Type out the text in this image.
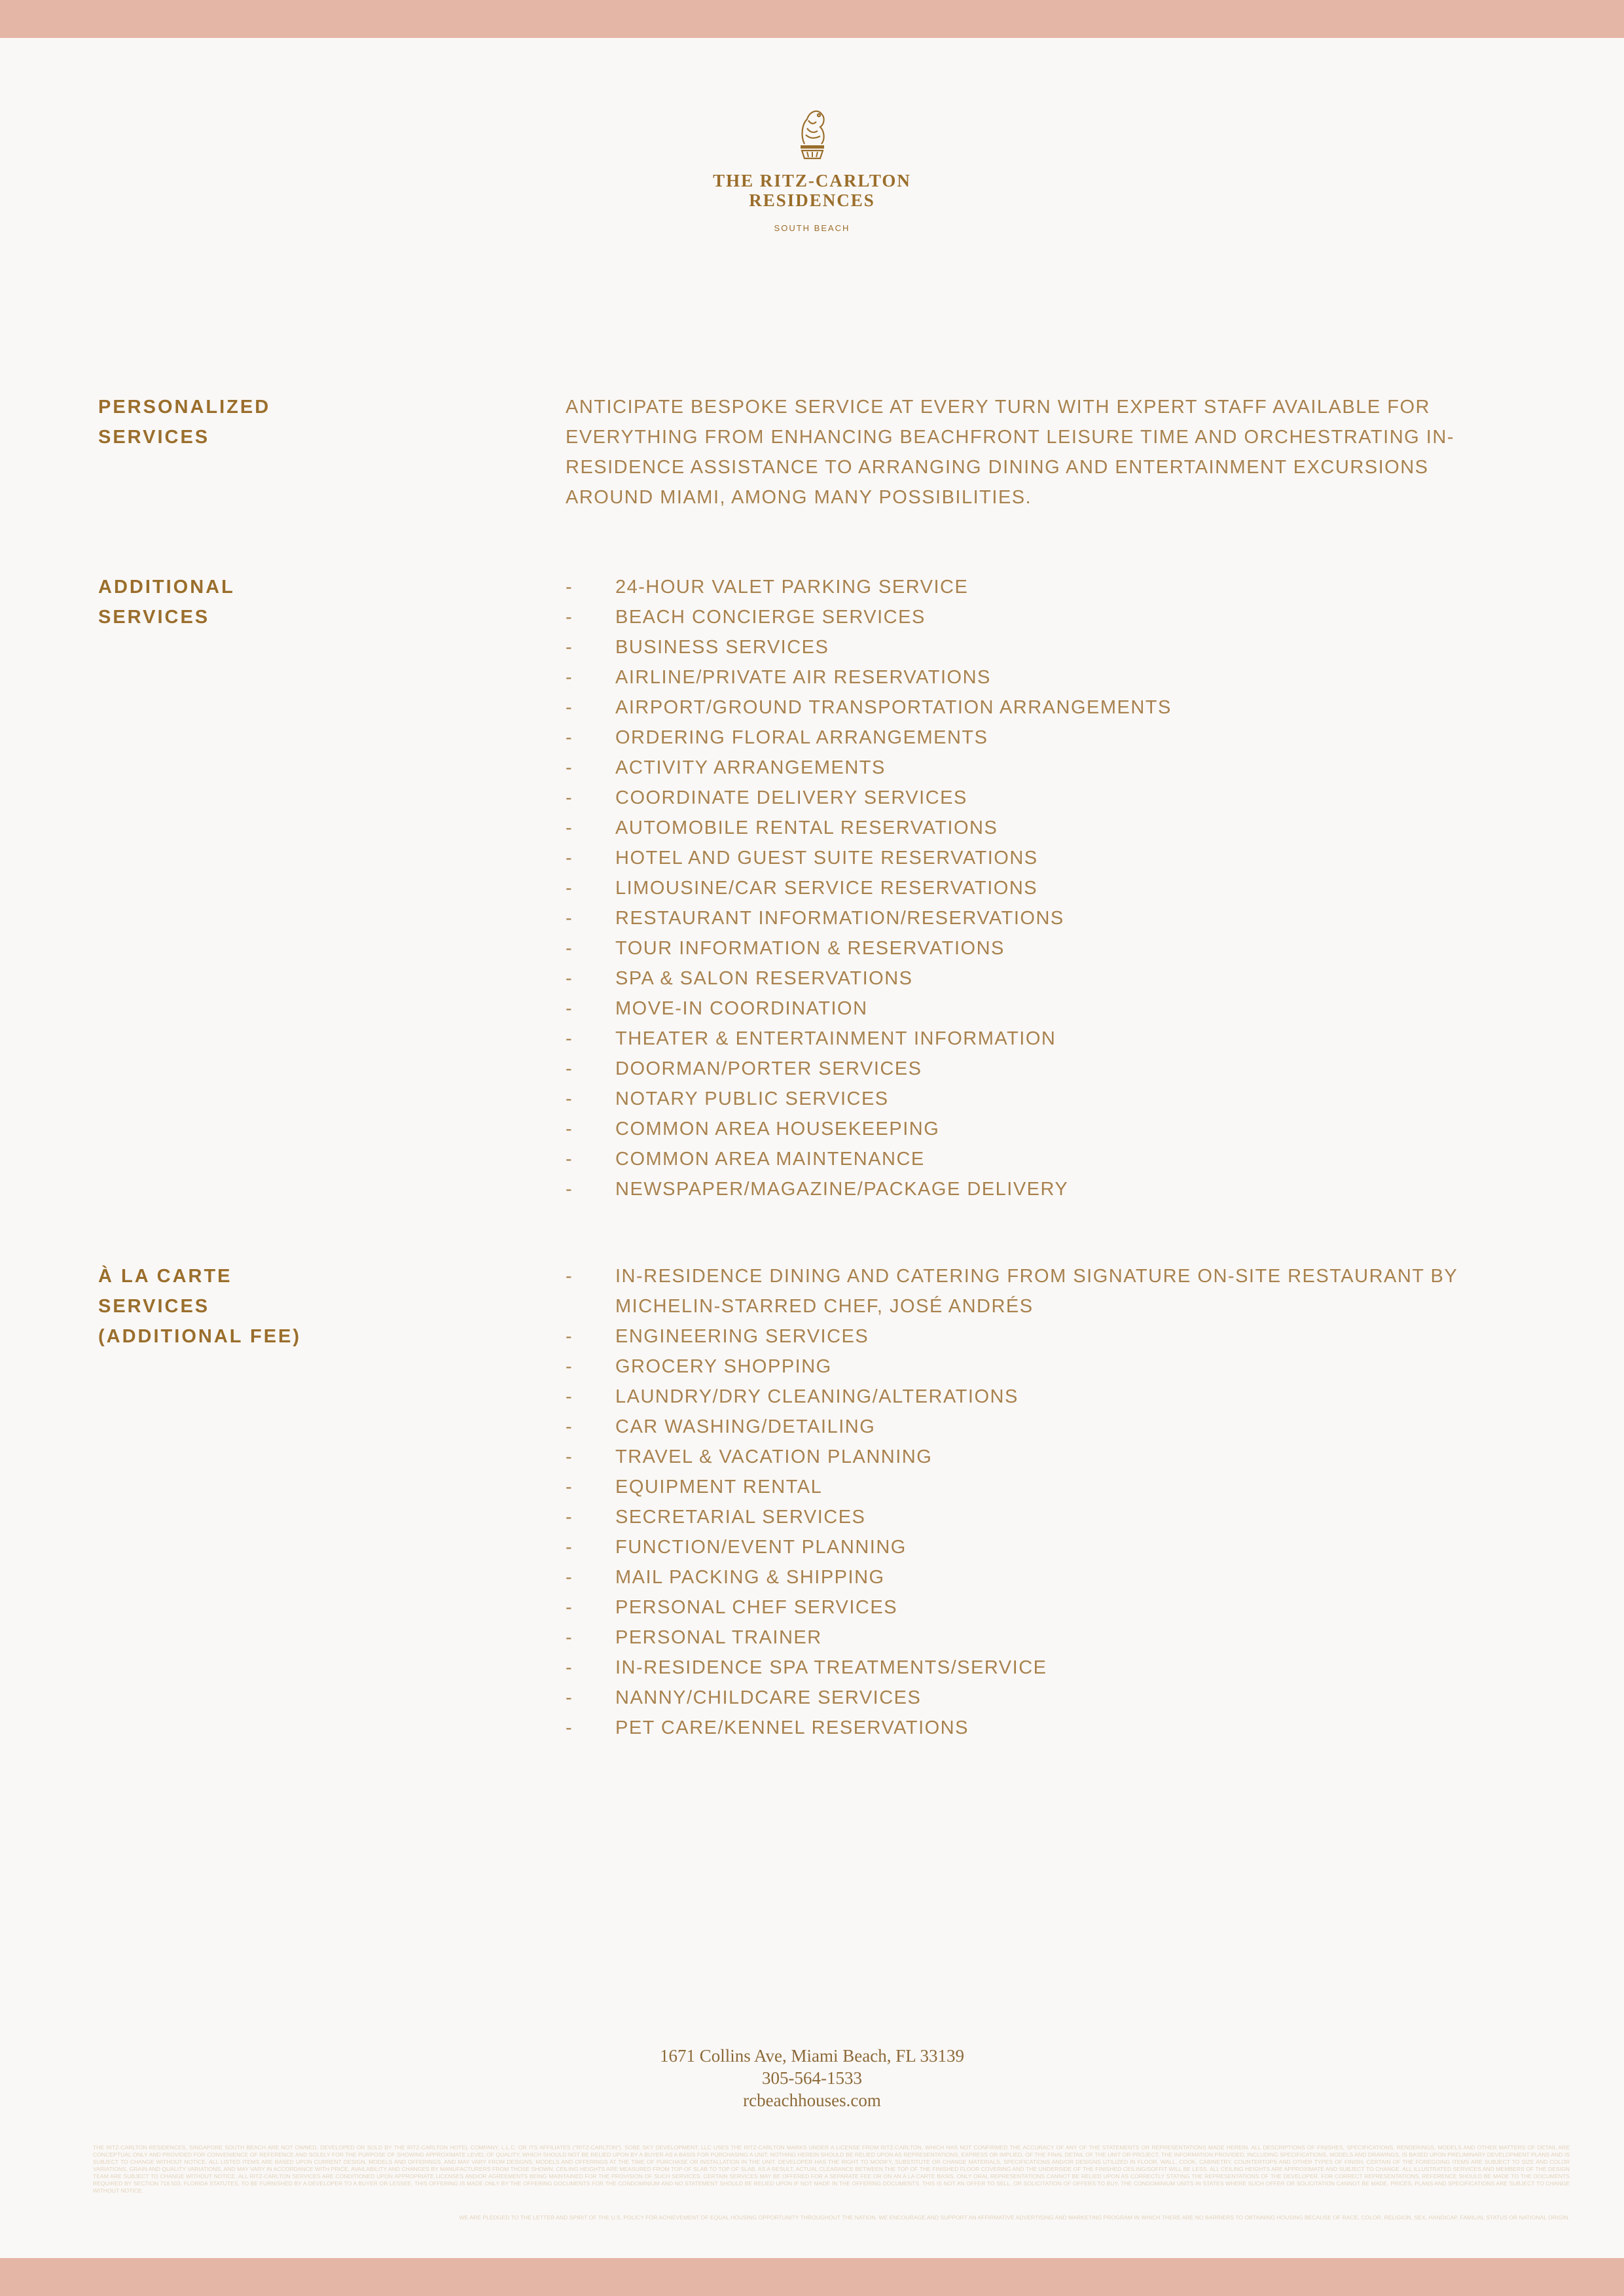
THE RITZ-CARLTON
RESIDENCES
SOUTH BEACH
PERSONALIZED
SERVICES
ANTICIPATE BESPOKE SERVICE AT EVERY TURN WITH EXPERT STAFF AVAILABLE FOR EVERYTHING FROM ENHANCING BEACHFRONT LEISURE TIME AND ORCHESTRATING IN-RESIDENCE ASSISTANCE TO ARRANGING DINING AND ENTERTAINMENT EXCURSIONS AROUND MIAMI, AMONG MANY POSSIBILITIES.
ADDITIONAL
SERVICES
-	24-HOUR VALET PARKING SERVICE
-	BEACH CONCIERGE SERVICES
-	BUSINESS SERVICES
-	AIRLINE/PRIVATE AIR RESERVATIONS
-	AIRPORT/GROUND TRANSPORTATION ARRANGEMENTS
-	ORDERING FLORAL ARRANGEMENTS
-	ACTIVITY ARRANGEMENTS
-	COORDINATE DELIVERY SERVICES
-	AUTOMOBILE RENTAL RESERVATIONS
-	HOTEL AND GUEST SUITE RESERVATIONS
-	LIMOUSINE/CAR SERVICE RESERVATIONS
-	RESTAURANT INFORMATION/RESERVATIONS
-	TOUR INFORMATION & RESERVATIONS
-	SPA & SALON RESERVATIONS
-	MOVE-IN COORDINATION
-	THEATER & ENTERTAINMENT INFORMATION
-	DOORMAN/PORTER SERVICES
-	NOTARY PUBLIC SERVICES
-	COMMON AREA HOUSEKEEPING
-	COMMON AREA MAINTENANCE
-	NEWSPAPER/MAGAZINE/PACKAGE DELIVERY
À LA CARTE
SERVICES
(ADDITIONAL FEE)
-	IN-RESIDENCE DINING AND CATERING FROM SIGNATURE ON-SITE RESTAURANT BY MICHELIN-STARRED CHEF, JOSÉ ANDRÉS
-	ENGINEERING SERVICES
-	GROCERY SHOPPING
-	LAUNDRY/DRY CLEANING/ALTERATIONS
-	CAR WASHING/DETAILING
-	TRAVEL & VACATION PLANNING
-	EQUIPMENT RENTAL
-	SECRETARIAL SERVICES
-	FUNCTION/EVENT PLANNING
-	MAIL PACKING & SHIPPING
-	PERSONAL CHEF SERVICES
-	PERSONAL TRAINER
-	IN-RESIDENCE SPA TREATMENTS/SERVICE
-	NANNY/CHILDCARE SERVICES
-	PET CARE/KENNEL RESERVATIONS
1671 Collins Ave, Miami Beach, FL 33139
305-564-1533
rcbeachhouses.com
THE RITZ-CARLTON RESIDENCES, SINGAPORE SOUTH BEACH ARE NOT OWNED, DEVELOPED OR SOLD BY THE RITZ-CARLTON HOTEL COMPANY, L.L.C. OR ITS AFFILIATES ("RITZ-CARLTON"). SOBE SKY DEVELOPMENT, LLC USES THE RITZ-CARLTON MARKS UNDER A LICENSE FROM RITZ-CARLTON, WHICH HAS NOT CONFIRMED THE ACCURACY OF ANY OF THE STATEMENTS OR REPRESENTATIONS MADE HEREIN. ALL DESCRIPTIONS OF FINISHES, SPECIFICATIONS, RENDERINGS, MODELS AND OTHER MATTERS OF DETAIL ARE CONCEPTUAL ONLY AND PROVIDED FOR CONVENIENCE OF REFERENCE AND SOLELY FOR THE PURPOSE OF SHOWING APPROXIMATE LEVEL OF QUALITY, WHICH SHOULD NOT BE RELIED UPON BY A BUYER AS A BASIS FOR PURCHASING A UNIT. NOTHING HEREIN SHOULD BE RELIED UPON AS REPRESENTATIONS, EXPRESS OR IMPLIED, OF THE FINAL DETAIL OF THE UNIT OR PROJECT. THE INFORMATION PROVIDED, INCLUDING SPECIFICATIONS, MODELS AND DRAWINGS, IS BASED UPON PRELIMINARY DEVELOPMENT PLANS AND IS SUBJECT TO CHANGE WITHOUT NOTICE. ALL LISTED ITEMS ARE BASED UPON CURRENT DESIGN, MODELS AND OFFERINGS, AND MAY VARY FROM DESIGNS, MODELS AND OFFERINGS AT THE TIME OF PURCHASE OR INSTALLATION IN THE UNIT. DEVELOPER HAS THE RIGHT TO MODIFY, SUBSTITUTE OR CHANGE MATERIALS, SPECIFICATIONS AND/OR DESIGNS UTILIZED IN FLOOR, WALL, COOK, CABINETRY, COUNTERTOPS AND OTHER TYPES OF FINISH. CERTAIN OF THE FOREGOING ITEMS ARE SUBJECT TO SIZE AND COLOR VARIATIONS, GRAIN AND QUALITY VARIATIONS, AND MAY VARY IN ACCORDANCE WITH PRICE, AVAILABILITY AND CHANGES BY MANUFACTURERS FROM THOSE SHOWN. CEILING HEIGHTS ARE MEASURED FROM TOP OF SLAB TO TOP OF SLAB. AS A RESULT, ACTUAL CLEARANCE BETWEEN THE TOP OF THE FINISHED FLOOR COVERING AND THE UNDERSIDE OF THE FINISHED CEILING/SOFFIT WILL BE LESS. ALL CEILING HEIGHTS ARE APPROXIMATE AND SUBJECT TO CHANGE. ALL ILLUSTRATED SERVICES AND MEMBERS OF THE DESIGN TEAM ARE SUBJECT TO CHANGE WITHOUT NOTICE. ALL RITZ-CARLTON SERVICES ARE CONDITIONED UPON APPROPRIATE LICENSES AND/OR AGREEMENTS BEING MAINTAINED FOR THE PROVISION OF SUCH SERVICES. CERTAIN SERVICES MAY BE OFFERED FOR A SEPARATE FEE OR ON AN A LA CARTE BASIS. ONLY ORAL REPRESENTATIONS CANNOT BE RELIED UPON AS CORRECTLY STATING THE REPRESENTATIONS OF THE DEVELOPER. FOR CORRECT REPRESENTATIONS, REFERENCE SHOULD BE MADE TO THE DOCUMENTS REQUIRED BY SECTION 718.503, FLORIDA STATUTES, TO BE FURNISHED BY A DEVELOPER TO A BUYER OR LESSEE. THIS OFFERING IS MADE ONLY BY THE OFFERING DOCUMENTS FOR THE CONDOMINIUM AND NO STATEMENT SHOULD BE RELIED UPON IF NOT MADE IN THE OFFERING DOCUMENTS. THIS IS NOT AN OFFER TO SELL, OR SOLICITATION OF OFFERS TO BUY, THE CONDOMINIUM UNITS IN STATES WHERE SUCH OFFER OR SOLICITATION CANNOT BE MADE. PRICES, PLANS AND SPECIFICATIONS ARE SUBJECT TO CHANGE WITHOUT NOTICE.
WE ARE PLEDGED TO THE LETTER AND SPIRIT OF THE U.S. POLICY FOR ACHIEVEMENT OF EQUAL HOUSING OPPORTUNITY THROUGHOUT THE NATION. WE ENCOURAGE AND SUPPORT AN AFFIRMATIVE ADVERTISING AND MARKETING PROGRAM IN WHICH THERE ARE NO BARRIERS TO OBTAINING HOUSING BECAUSE OF RACE, COLOR, RELIGION, SEX, HANDICAP, FAMILIAL STATUS OR NATIONAL ORIGIN.
